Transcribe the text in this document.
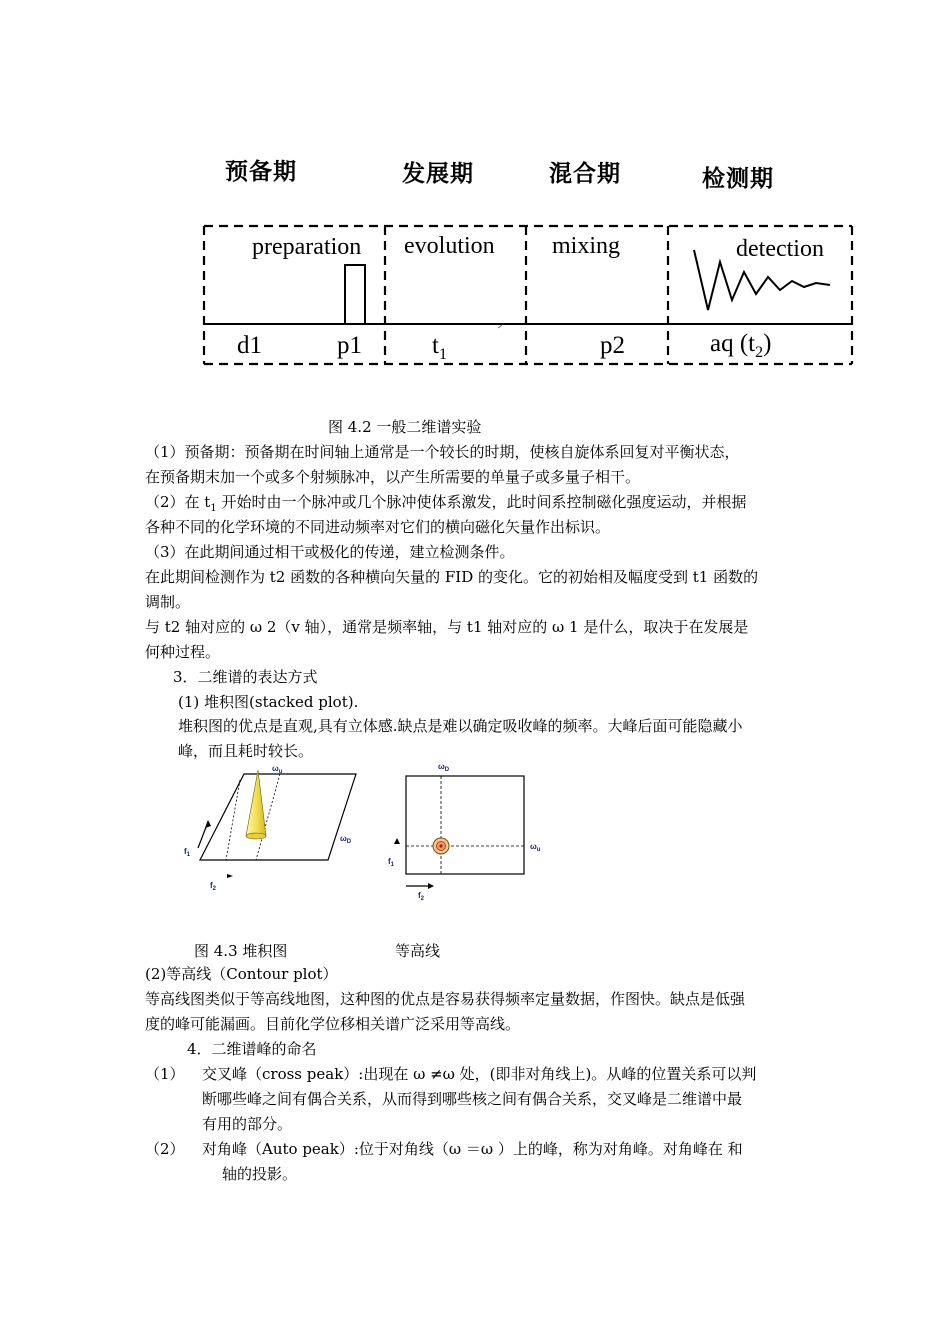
预备期	发展期	混合期	检测期
preparation evolution mixing	detection
d1	p1	$t_1$	p2	aq $(t_2)$
图 4.2 一般二维谱实验
（1）预备期：预备期在时间轴上通常是一个较长的时期，使核自旋体系回复对平衡状态，
在预备期末加一个或多个射频脉冲，以产生所需要的单量子或多量子相干。
（2）在 $t_1$ 开始时由一个脉冲或几个脉冲使体系激发，此时间系控制磁化强度运动，并根据
各种不同的化学环境的不同进动频率对它们的横向磁化矢量作出标识。
（3）在此期间通过相干或极化的传递，建立检测条件。
在此期间检测作为 t2 函数的各种横向矢量的 FID 的变化。它的初始相及幅度受到 t1 函数的
调制。
与 t2 轴对应的 ω 2（v 轴），通常是频率轴，与 t1 轴对应的 ω 1 是什么，取决于在发展是
何种过程。
3．二维谱的表达方式
(1) 堆积图(stacked plot).
堆积图的优点是直观,具有立体感.缺点是难以确定吸收峰的频率。大峰后面可能隐藏小
峰，而且耗时较长。
$\omega_u$
$\omega_D$
$f_1$
$f_2$
$\omega_D$
$\omega_u$
$f_1$
$f_2$
图 4.3 堆积图	等高线
(2)等高线（Contour plot）
等高线图类似于等高线地图，这种图的优点是容易获得频率定量数据，作图快。缺点是低强
度的峰可能漏画。目前化学位移相关谱广泛采用等高线。
4．二维谱峰的命名
（1） 交叉峰（cross peak）:出现在 ω ≠ω 处，(即非对角线上)。从峰的位置关系可以判
断哪些峰之间有偶合关系，从而得到哪些核之间有偶合关系，交叉峰是二维谱中最
有用的部分。
（2） 对角峰（Auto peak）:位于对角线（ω ＝ω ）上的峰，称为对角峰。对角峰在 和
轴的投影。
